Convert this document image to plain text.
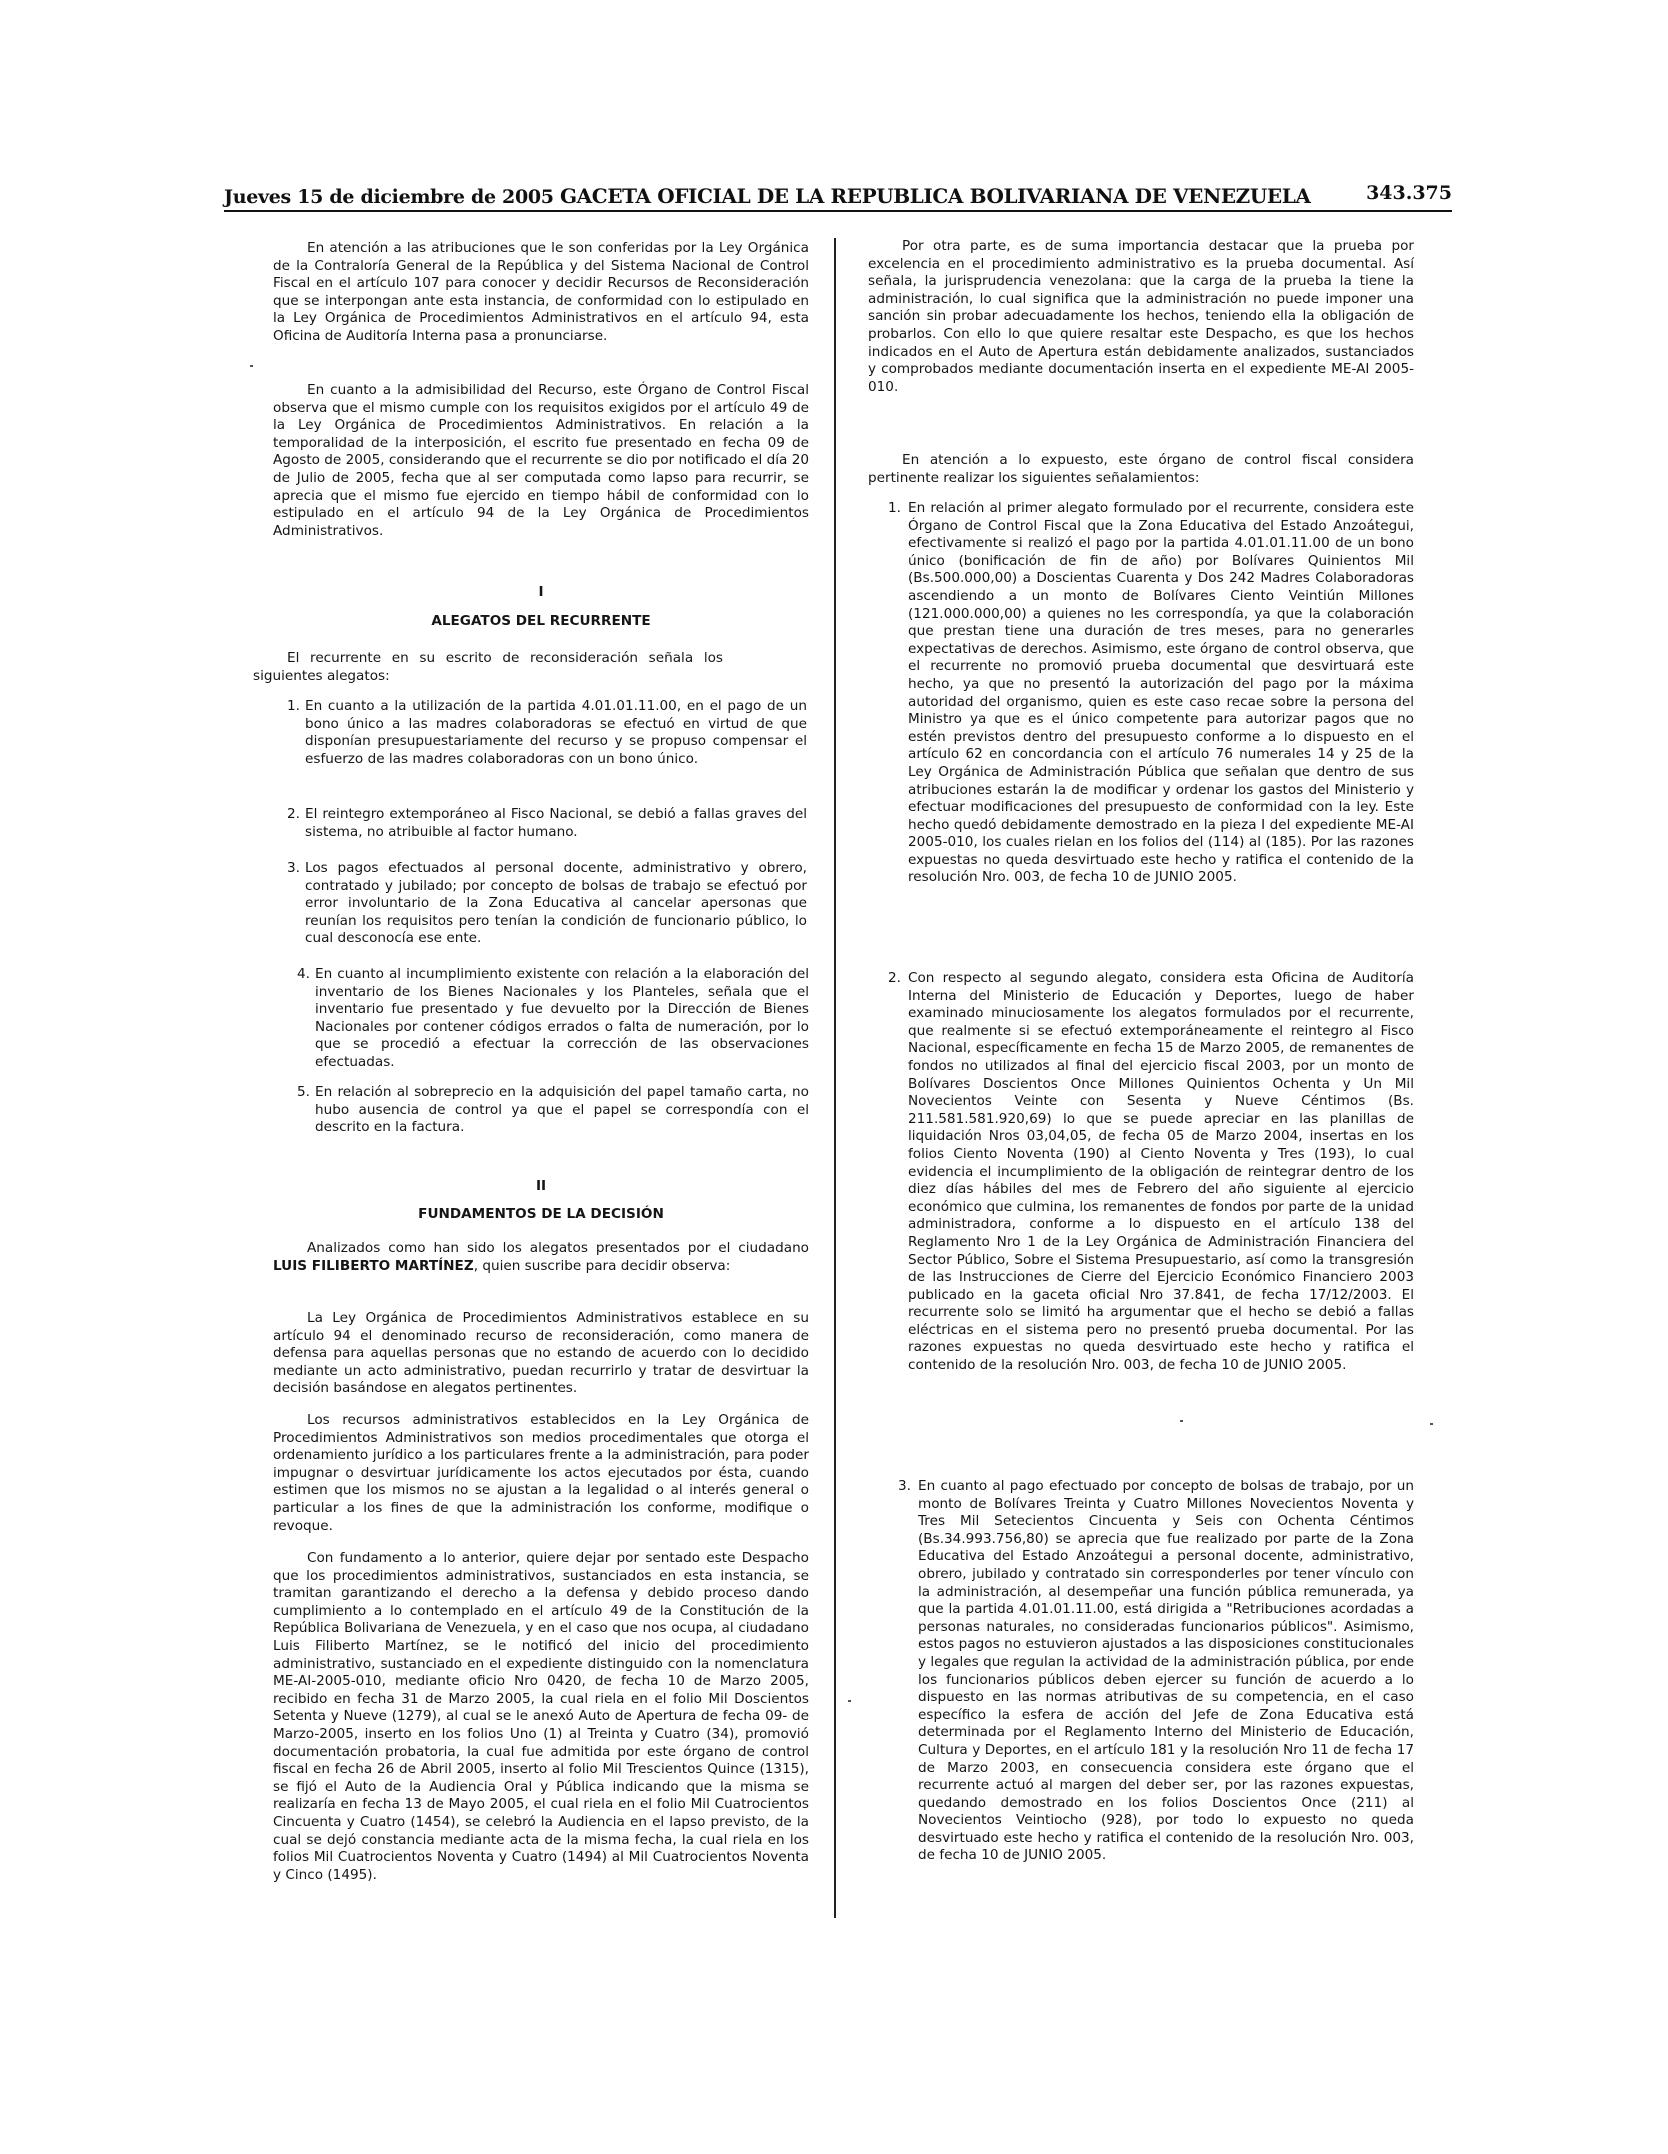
Jueves 15 de diciembre de 2005 GACETA OFICIAL DE LA REPUBLICA BOLIVARIANA DE VENEZUELA	343.375

En atención a las atribuciones que le son conferidas por la Ley Orgánica de la Contraloría General de la República y del Sistema Nacional de Control Fiscal en el artículo 107 para conocer y decidir Recursos de Reconsideración que se interpongan ante esta instancia, de conformidad con lo estipulado en la Ley Orgánica de Procedimientos Administrativos en el artículo 94, esta Oficina de Auditoría Interna pasa a pronunciarse.

En cuanto a la admisibilidad del Recurso, este Órgano de Control Fiscal observa que el mismo cumple con los requisitos exigidos por el artículo 49 de la Ley Orgánica de Procedimientos Administrativos. En relación a la temporalidad de la interposición, el escrito fue presentado en fecha 09 de Agosto de 2005, considerando que el recurrente se dio por notificado el día 20 de Julio de 2005, fecha que al ser computada como lapso para recurrir, se aprecia que el mismo fue ejercido en tiempo hábil de conformidad con lo estipulado en el artículo 94 de la Ley Orgánica de Procedimientos Administrativos.

I
ALEGATOS DEL RECURRENTE

El recurrente en su escrito de reconsideración señala los siguientes alegatos:

1. En cuanto a la utilización de la partida 4.01.01.11.00, en el pago de un bono único a las madres colaboradoras se efectuó en virtud de que disponían presupuestariamente del recurso y se propuso compensar el esfuerzo de las madres colaboradoras con un bono único.
2. El reintegro extemporáneo al Fisco Nacional, se debió a fallas graves del sistema, no atribuible al factor humano.
3. Los pagos efectuados al personal docente, administrativo y obrero, contratado y jubilado; por concepto de bolsas de trabajo se efectuó por error involuntario de la Zona Educativa al cancelar apersonas que reunían los requisitos pero tenían la condición de funcionario público, lo cual desconocía ese ente.
4. En cuanto al incumplimiento existente con relación a la elaboración del inventario de los Bienes Nacionales y los Planteles, señala que el inventario fue presentado y fue devuelto por la Dirección de Bienes Nacionales por contener códigos errados o falta de numeración, por lo que se procedió a efectuar la corrección de las observaciones efectuadas.
5. En relación al sobreprecio en la adquisición del papel tamaño carta, no hubo ausencia de control ya que el papel se correspondía con el descrito en la factura.
II
FUNDAMENTOS DE LA DECISIÓN

Analizados como han sido los alegatos presentados por el ciudadano LUIS FILIBERTO MARTÍNEZ, quien suscribe para decidir observa:

La Ley Orgánica de Procedimientos Administrativos establece en su artículo 94 el denominado recurso de reconsideración, como manera de defensa para aquellas personas que no estando de acuerdo con lo decidido mediante un acto administrativo, puedan recurrirlo y tratar de desvirtuar la decisión basándose en alegatos pertinentes.

Los recursos administrativos establecidos en la Ley Orgánica de Procedimientos Administrativos son medios procedimentales que otorga el ordenamiento jurídico a los particulares frente a la administración, para poder impugnar o desvirtuar jurídicamente los actos ejecutados por ésta, cuando estimen que los mismos no se ajustan a la legalidad o al interés general o particular a los fines de que la administración los conforme, modifique o revoque.

Con fundamento a lo anterior, quiere dejar por sentado este Despacho que los procedimientos administrativos, sustanciados en esta instancia, se tramitan garantizando el derecho a la defensa y debido proceso dando cumplimiento a lo contemplado en el artículo 49 de la Constitución de la República Bolivariana de Venezuela, y en el caso que nos ocupa, al ciudadano Luis Filiberto Martínez, se le notificó del inicio del procedimiento administrativo, sustanciado en el expediente distinguido con la nomenclatura ME-AI-2005-010, mediante oficio Nro 0420, de fecha 10 de Marzo 2005, recibido en fecha 31 de Marzo 2005, la cual riela en el folio Mil Doscientos Setenta y Nueve (1279), al cual se le anexó Auto de Apertura de fecha 09- de Marzo-2005, inserto en los folios Uno (1) al Treinta y Cuatro (34), promovió documentación probatoria, la cual fue admitida por este órgano de control fiscal en fecha 26 de Abril 2005, inserto al folio Mil Trescientos Quince (1315), se fijó el Auto de la Audiencia Oral y Pública indicando que la misma se realizaría en fecha 13 de Mayo 2005, el cual riela en el folio Mil Cuatrocientos Cincuenta y Cuatro (1454), se celebró la Audiencia en el lapso previsto, de la cual se dejó constancia mediante acta de la misma fecha, la cual riela en los folios Mil Cuatrocientos Noventa y Cuatro (1494) al Mil Cuatrocientos Noventa y Cinco (1495).

Por otra parte, es de suma importancia destacar que la prueba por excelencia en el procedimiento administrativo es la prueba documental. Así señala, la jurisprudencia venezolana: que la carga de la prueba la tiene la administración, lo cual significa que la administración no puede imponer una sanción sin probar adecuadamente los hechos, teniendo ella la obligación de probarlos. Con ello lo que quiere resaltar este Despacho, es que los hechos indicados en el Auto de Apertura están debidamente analizados, sustanciados y comprobados mediante documentación inserta en el expediente ME-AI 2005-010.

En atención a lo expuesto, este órgano de control fiscal considera pertinente realizar los siguientes señalamientos:

1. En relación al primer alegato formulado por el recurrente, considera este Órgano de Control Fiscal que la Zona Educativa del Estado Anzoátegui, efectivamente si realizó el pago por la partida 4.01.01.11.00 de un bono único (bonificación de fin de año) por Bolívares Quinientos Mil (Bs.500.000,00) a Doscientas Cuarenta y Dos 242 Madres Colaboradoras ascendiendo a un monto de Bolívares Ciento Veintiún Millones (121.000.000,00) a quienes no les correspondía, ya que la colaboración que prestan tiene una duración de tres meses, para no generarles expectativas de derechos. Asimismo, este órgano de control observa, que el recurrente no promovió prueba documental que desvirtuará este hecho, ya que no presentó la autorización del pago por la máxima autoridad del organismo, quien es este caso recae sobre la persona del Ministro ya que es el único competente para autorizar pagos que no estén previstos dentro del presupuesto conforme a lo dispuesto en el artículo 62 en concordancia con el artículo 76 numerales 14 y 25 de la Ley Orgánica de Administración Pública que señalan que dentro de sus atribuciones estarán la de modificar y ordenar los gastos del Ministerio y efectuar modificaciones del presupuesto de conformidad con la ley. Este hecho quedó debidamente demostrado en la pieza I del expediente ME-AI 2005-010, los cuales rielan en los folios del (114) al (185). Por las razones expuestas no queda desvirtuado este hecho y ratifica el contenido de la resolución Nro. 003, de fecha 10 de JUNIO 2005.
2. Con respecto al segundo alegato, considera esta Oficina de Auditoría Interna del Ministerio de Educación y Deportes, luego de haber examinado minuciosamente los alegatos formulados por el recurrente, que realmente si se efectuó extemporáneamente el reintegro al Fisco Nacional, específicamente en fecha 15 de Marzo 2005, de remanentes de fondos no utilizados al final del ejercicio fiscal 2003, por un monto de Bolívares Doscientos Once Millones Quinientos Ochenta y Un Mil Novecientos Veinte con Sesenta y Nueve Céntimos (Bs. 211.581.581.920,69) lo que se puede apreciar en las planillas de liquidación Nros 03,04,05, de fecha 05 de Marzo 2004, insertas en los folios Ciento Noventa (190) al Ciento Noventa y Tres (193), lo cual evidencia el incumplimiento de la obligación de reintegrar dentro de los diez días hábiles del mes de Febrero del año siguiente al ejercicio económico que culmina, los remanentes de fondos por parte de la unidad administradora, conforme a lo dispuesto en el artículo 138 del Reglamento Nro 1 de la Ley Orgánica de Administración Financiera del Sector Público, Sobre el Sistema Presupuestario, así como la transgresión de las Instrucciones de Cierre del Ejercicio Económico Financiero 2003 publicado en la gaceta oficial Nro 37.841, de fecha 17/12/2003. El recurrente solo se limitó ha argumentar que el hecho se debió a fallas eléctricas en el sistema pero no presentó prueba documental. Por las razones expuestas no queda desvirtuado este hecho y ratifica el contenido de la resolución Nro. 003, de fecha 10 de JUNIO 2005.
3. En cuanto al pago efectuado por concepto de bolsas de trabajo, por un monto de Bolívares Treinta y Cuatro Millones Novecientos Noventa y Tres Mil Setecientos Cincuenta y Seis con Ochenta Céntimos (Bs.34.993.756,80) se aprecia que fue realizado por parte de la Zona Educativa del Estado Anzoátegui a personal docente, administrativo, obrero, jubilado y contratado sin corresponderles por tener vínculo con la administración, al desempeñar una función pública remunerada, ya que la partida 4.01.01.11.00, está dirigida a "Retribuciones acordadas a personas naturales, no consideradas funcionarios públicos". Asimismo, estos pagos no estuvieron ajustados a las disposiciones constitucionales y legales que regulan la actividad de la administración pública, por ende los funcionarios públicos deben ejercer su función de acuerdo a lo dispuesto en las normas atributivas de su competencia, en el caso específico la esfera de acción del Jefe de Zona Educativa está determinada por el Reglamento Interno del Ministerio de Educación, Cultura y Deportes, en el artículo 181 y la resolución Nro 11 de fecha 17 de Marzo 2003, en consecuencia considera este órgano que el recurrente actuó al margen del deber ser, por las razones expuestas, quedando demostrado en los folios Doscientos Once (211) al Novecientos Veintiocho (928), por todo lo expuesto no queda desvirtuado este hecho y ratifica el contenido de la resolución Nro. 003, de fecha 10 de JUNIO 2005.
